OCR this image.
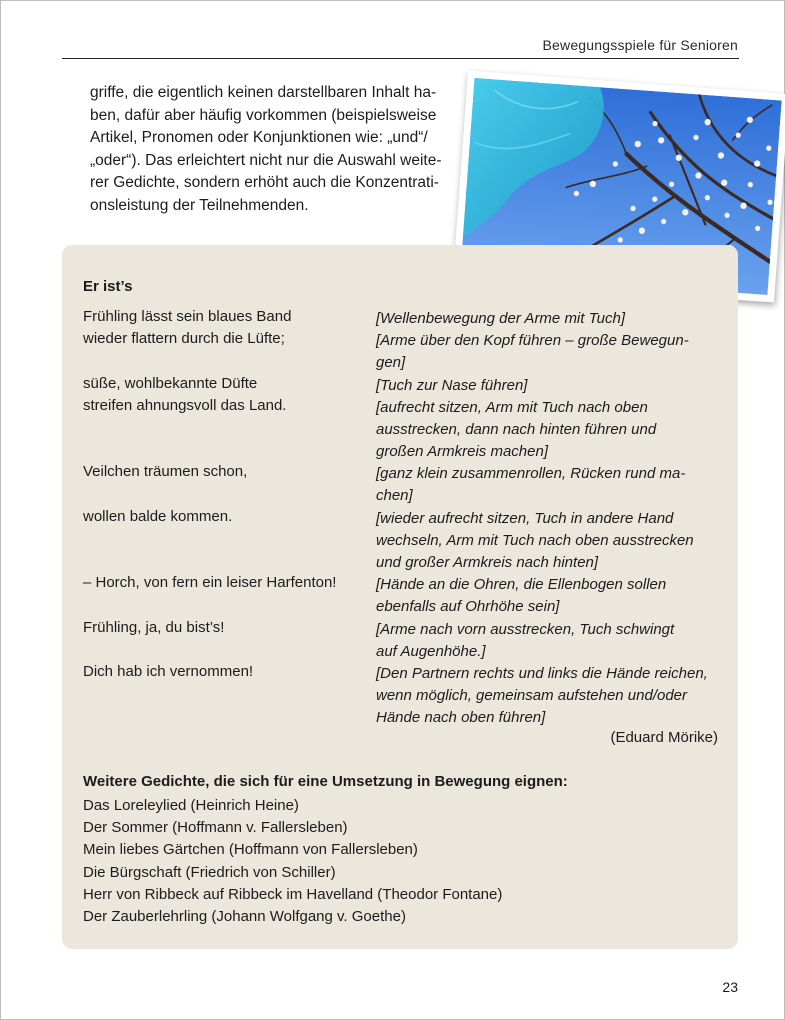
Bewegungsspiele für Senioren

griffe, die eigentlich keinen darstellbaren Inhalt ha-
ben, dafür aber häufig vorkommen (beispielsweise
Artikel, Pronomen oder Konjunktionen wie: „und“/
„oder“). Das erleichtert nicht nur die Auswahl weite-
rer Gedichte, sondern erhöht auch die Konzentrati-
onsleistung der Teilnehmenden.

Er ist’s

Frühling lässt sein blaues Band

wieder flattern durch die Lüfte;

süße, wohlbekannte Düfte

streifen ahnungsvoll das Land.

Veilchen träumen schon,

wollen balde kommen.

– Horch, von fern ein leiser Harfenton!

Frühling, ja, du bist’s!

Dich hab ich vernommen!

[Wellenbewegung der Arme mit Tuch]

[Arme über den Kopf führen – große Bewegun-
gen]

[Tuch zur Nase führen]

[aufrecht sitzen, Arm mit Tuch nach oben
ausstrecken, dann nach hinten führen und
großen Armkreis machen]

[ganz klein zusammenrollen, Rücken rund ma-
chen]

[wieder aufrecht sitzen, Tuch in andere Hand
wechseln, Arm mit Tuch nach oben ausstrecken
und großer Armkreis nach hinten]

[Hände an die Ohren, die Ellenbogen sollen
ebenfalls auf Ohrhöhe sein]

[Arme nach vorn ausstrecken, Tuch schwingt
auf Augenhöhe.]

[Den Partnern rechts und links die Hände reichen,
wenn möglich, gemeinsam aufstehen und/oder
Hände nach oben führen]

(Eduard Mörike)

Weitere Gedichte, die sich für eine Umsetzung in Bewegung eignen:

Das Loreleylied (Heinrich Heine)
Der Sommer (Hoffmann v. Fallersleben)
Mein liebes Gärtchen (Hoffmann von Fallersleben)
Die Bürgschaft (Friedrich von Schiller)
Herr von Ribbeck auf Ribbeck im Havelland (Theodor Fontane)
Der Zauberlehrling (Johann Wolfgang v. Goethe)
23
